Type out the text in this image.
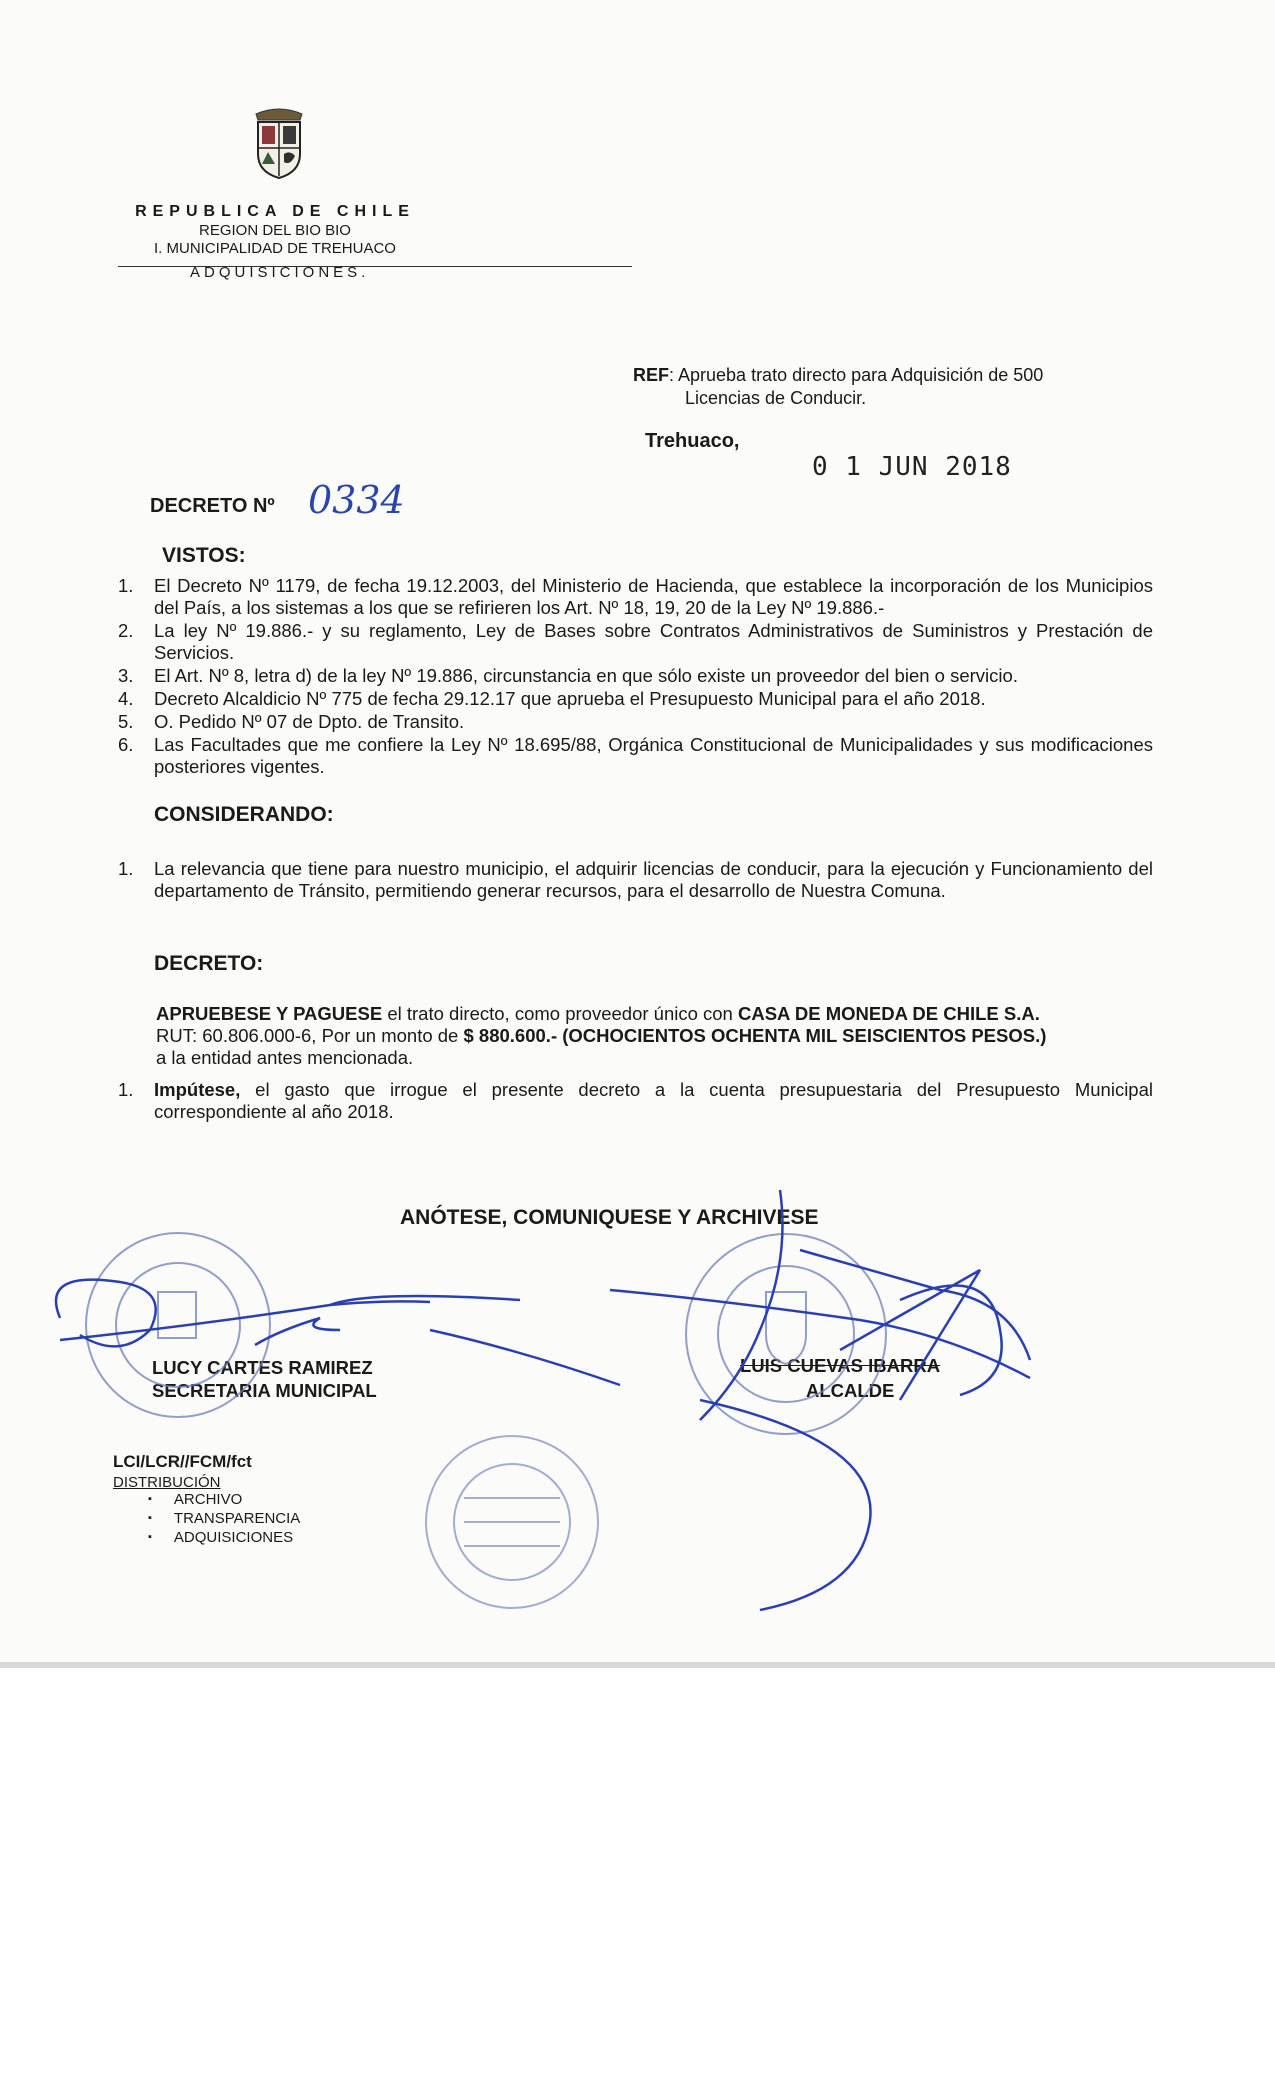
REPUBLICA DE CHILE
REGION DEL BIO BIO
I. MUNICIPALIDAD DE TREHUACO
ADQUISICIONES.
REF: Aprueba trato directo para Adquisición de 500
Licencias de Conducir.
Trehuaco,
0 1 JUN 2018
DECRETO Nº 0334
VISTOS:
1.	El Decreto Nº 1179, de fecha 19.12.2003, del Ministerio de Hacienda, que establece la incorporación de los Municipios del País, a los sistemas a los que se refirieren los Art. Nº 18, 19, 20 de la Ley Nº 19.886.-
2.	La ley Nº 19.886.- y su reglamento, Ley de Bases sobre Contratos Administrativos de Suministros y Prestación de Servicios.
3.	El Art. Nº 8, letra d) de la ley Nº 19.886, circunstancia en que sólo existe un proveedor del bien o servicio.
4.	Decreto Alcaldicio Nº 775 de fecha 29.12.17 que aprueba el Presupuesto Municipal para el año 2018.
5.	O. Pedido Nº 07 de Dpto. de Transito.
6.	Las Facultades que me confiere la Ley Nº 18.695/88, Orgánica Constitucional de Municipalidades y sus modificaciones posteriores vigentes.
CONSIDERANDO:
1.	La relevancia que tiene para nuestro municipio, el adquirir licencias de conducir, para la ejecución y Funcionamiento del departamento de Tránsito, permitiendo generar recursos, para el desarrollo de Nuestra Comuna.
DECRETO:
APRUEBESE Y PAGUESE el trato directo, como proveedor único con CASA DE MONEDA DE CHILE S.A.
RUT: 60.806.000-6, Por un monto de $ 880.600.- (OCHOCIENTOS OCHENTA MIL SEISCIENTOS PESOS.)
a la entidad antes mencionada.
1.	Impútese, el gasto que irrogue el presente decreto a la cuenta presupuestaria del Presupuesto Municipal correspondiente al año 2018.
ANÓTESE, COMUNIQUESE Y ARCHIVESE
LUCY CARTES RAMIREZ
SECRETARIA MUNICIPAL
LUIS CUEVAS IBARRA
ALCALDE
LCI/LCR//FCM/fct
DISTRIBUCIÓN
▪ ARCHIVO
▪ TRANSPARENCIA
▪ ADQUISICIONES
